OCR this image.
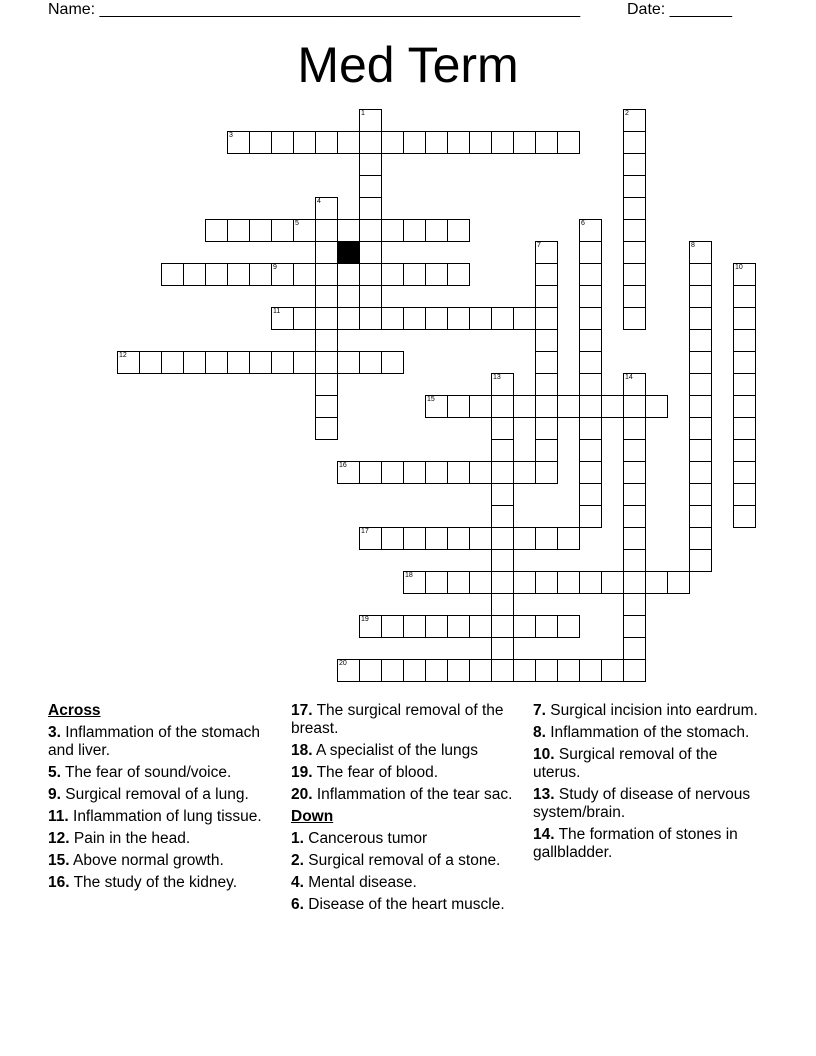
Name: ______________________________________________________	Date: _______
Med Term
3
5
9
11
12
15
16
17
18
19
20
1	2
4
6
7	8
10
13	14
Across
3. Inflammation of the stomach and liver.
5. The fear of sound/voice.
9. Surgical removal of a lung.
11. Inflammation of lung tissue.
12. Pain in the head.
15. Above normal growth.
16. The study of the kidney.
17. The surgical removal of the breast.
18. A specialist of the lungs
19. The fear of blood.
20. Inflammation of the tear sac.
Down
1. Cancerous tumor
2. Surgical removal of a stone.
4. Mental disease.
6. Disease of the heart muscle.
7. Surgical incision into eardrum.
8. Inflammation of the stomach.
10. Surgical removal of the uterus.
13. Study of disease of nervous system/brain.
14. The formation of stones in gallbladder.
